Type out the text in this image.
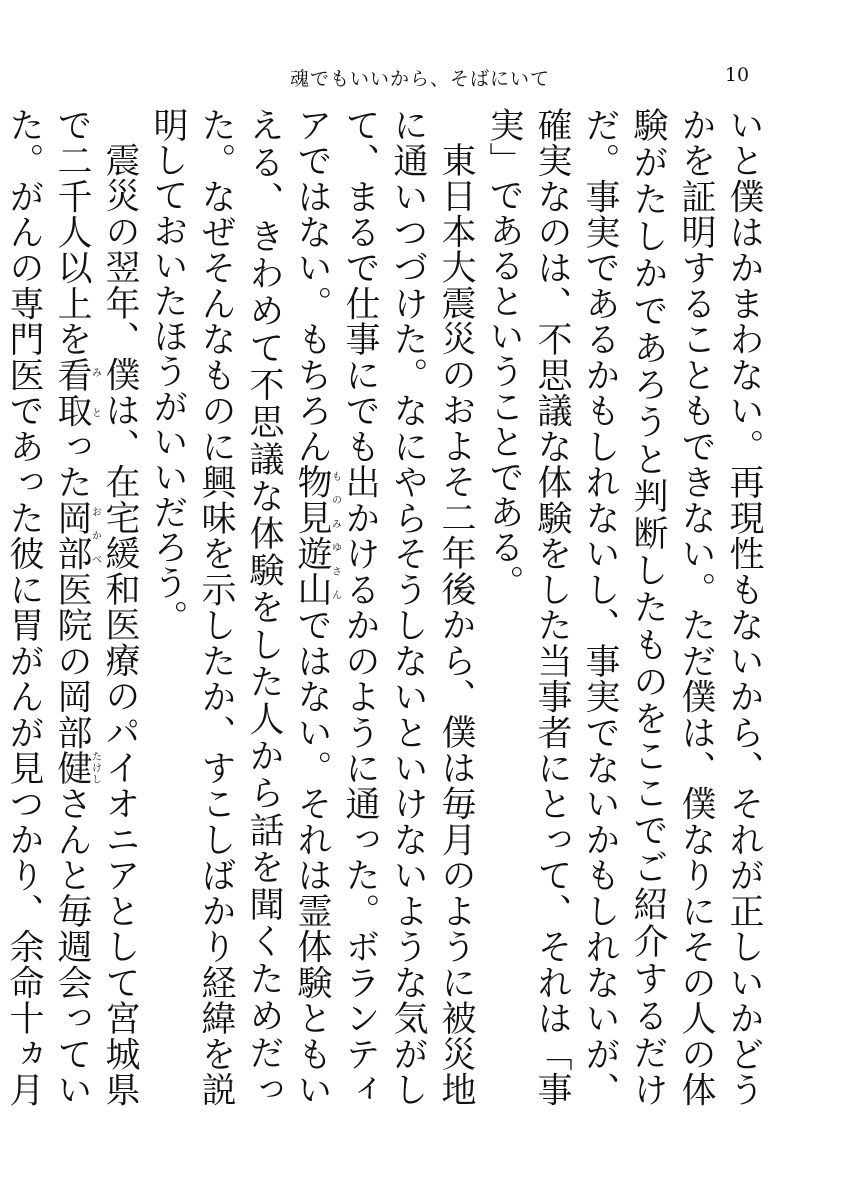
魂でもいいから、そばにいて	10

いと僕はかまわない。再現性もないから、それが正しいかどうかを証明することもできない。ただ僕は、僕なりにその人の体験がたしかであろうと判断したものをここでご紹介するだけだ。事実であるかもしれないし、事実でないかもしれないが、確実なのは、不思議な体験をした当事者にとって、それは「事実」であるということである。

東日本大震災のおよそ二年後から、僕は毎月のように被災地に通いつづけた。なにやらそうしないといけないような気がして、まるで仕事にでも出かけるかのように通った。ボランティアではない。もちろん物見遊山ものみゆさんではない。それは霊体験ともいえる、きわめて不思議な体験をした人から話を聞くためだった。なぜそんなものに興味を示したか、すこしばかり経緯を説明しておいたほうがいいだろう。

震災の翌年、僕は、在宅緩和医療のパイオニアとして宮城県で二千人以上を看取みとった岡部おかべ医院の岡部健たけしさんと毎週会っていた。がんの専門医であった彼に胃がんが見つかり、余命十ヵ月
